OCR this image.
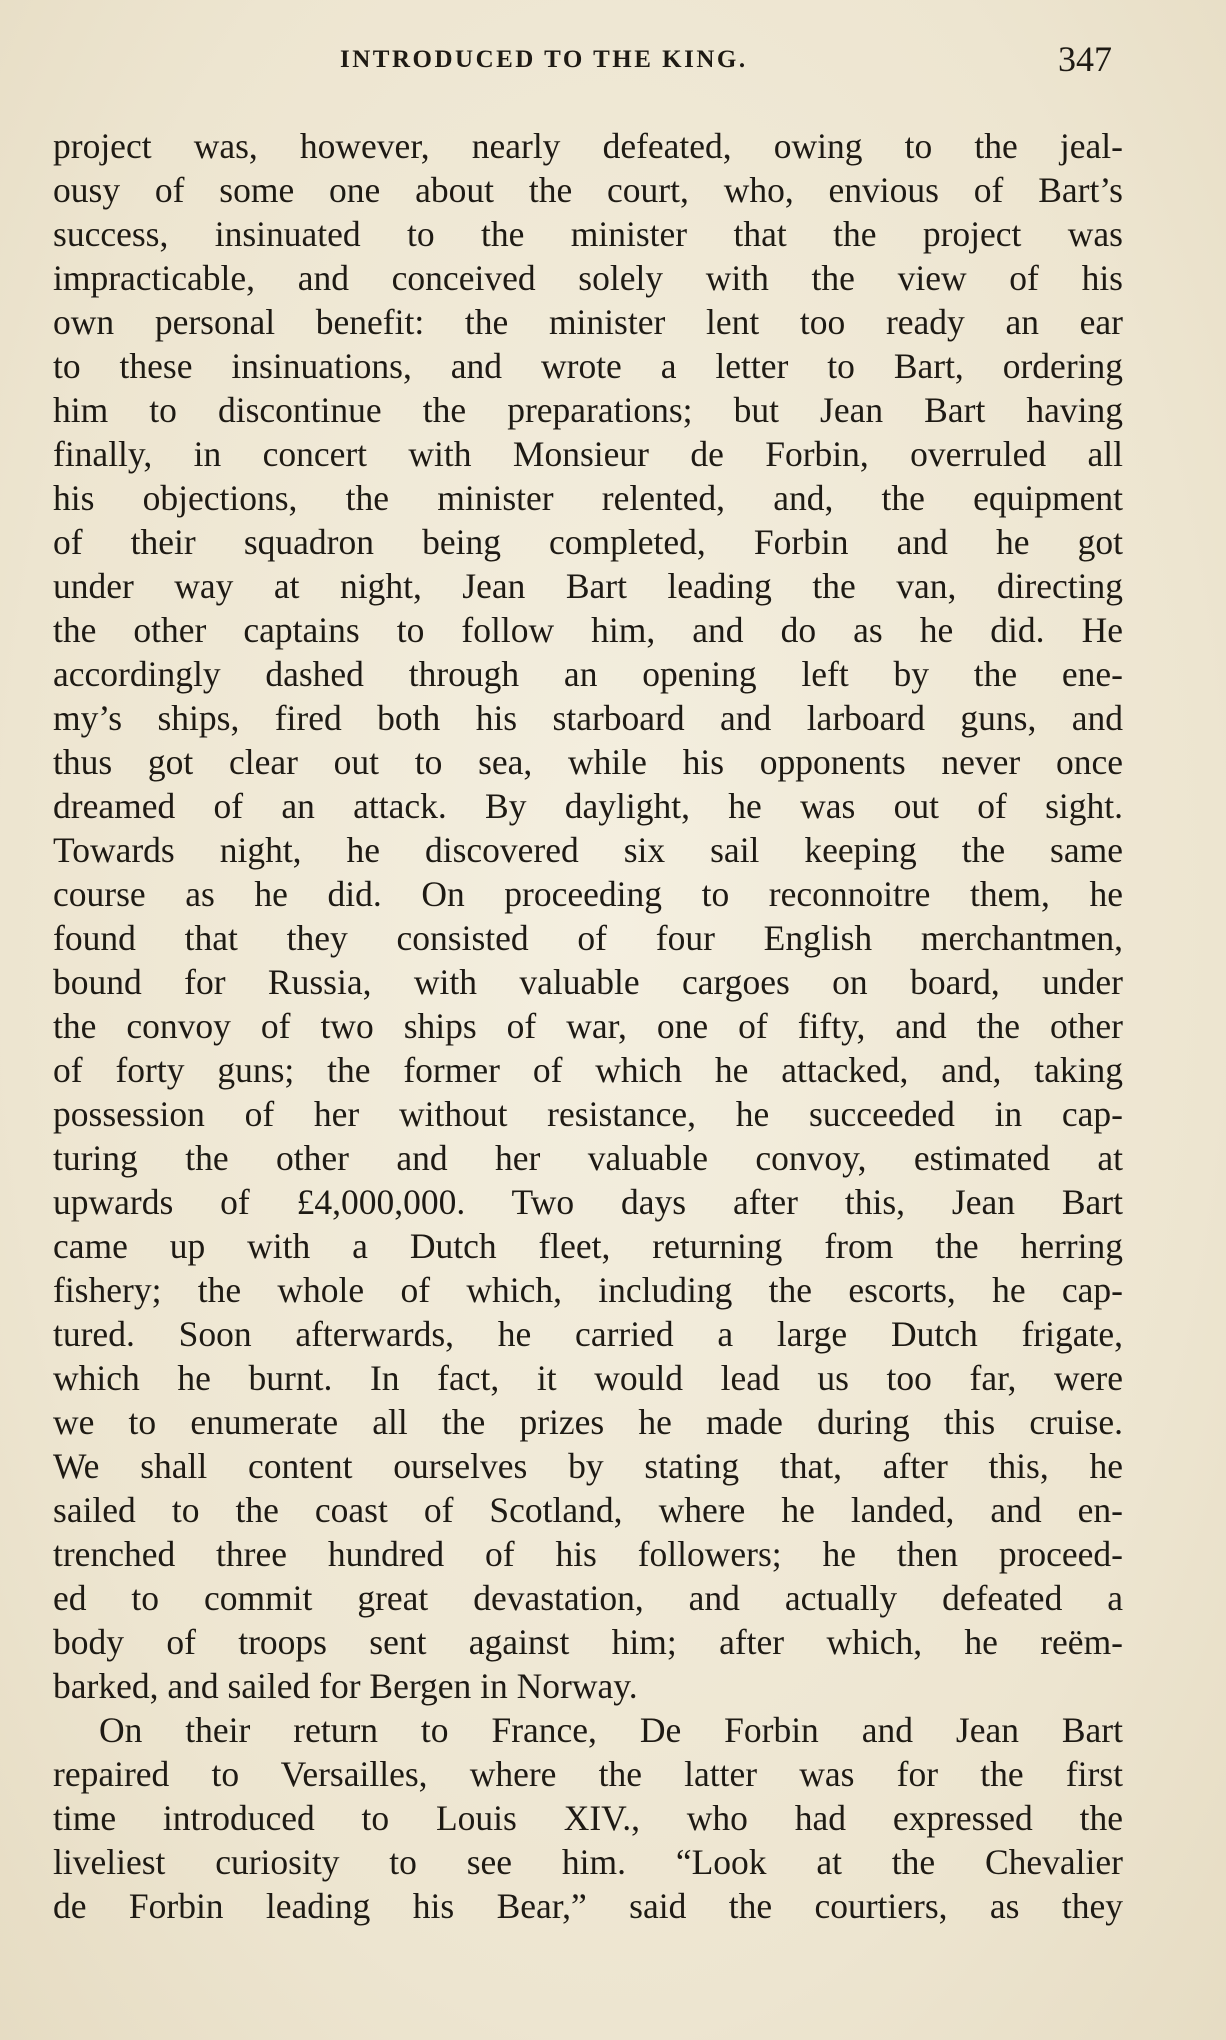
INTRODUCED TO THE KING.	347
project was, however, nearly defeated, owing to the jeal-
ousy of some one about the court, who, envious of Bart’s
success, insinuated to the minister that the project was
impracticable, and conceived solely with the view of his
own personal benefit: the minister lent too ready an ear
to these insinuations, and wrote a letter to Bart, ordering
him to discontinue the preparations; but Jean Bart having
finally, in concert with Monsieur de Forbin, overruled all
his objections, the minister relented, and, the equipment
of their squadron being completed, Forbin and he got
under way at night, Jean Bart leading the van, directing
the other captains to follow him, and do as he did. He
accordingly dashed through an opening left by the ene-
my’s ships, fired both his starboard and larboard guns, and
thus got clear out to sea, while his opponents never once
dreamed of an attack. By daylight, he was out of sight.
Towards night, he discovered six sail keeping the same
course as he did. On proceeding to reconnoitre them, he
found that they consisted of four English merchantmen,
bound for Russia, with valuable cargoes on board, under
the convoy of two ships of war, one of fifty, and the other
of forty guns; the former of which he attacked, and, taking
possession of her without resistance, he succeeded in cap-
turing the other and her valuable convoy, estimated at
upwards of £4,000,000. Two days after this, Jean Bart
came up with a Dutch fleet, returning from the herring
fishery; the whole of which, including the escorts, he cap-
tured. Soon afterwards, he carried a large Dutch frigate,
which he burnt. In fact, it would lead us too far, were
we to enumerate all the prizes he made during this cruise.
We shall content ourselves by stating that, after this, he
sailed to the coast of Scotland, where he landed, and en-
trenched three hundred of his followers; he then proceed-
ed to commit great devastation, and actually defeated a
body of troops sent against him; after which, he reëm-
barked, and sailed for Bergen in Norway.
On their return to France, De Forbin and Jean Bart
repaired to Versailles, where the latter was for the first
time introduced to Louis XIV., who had expressed the
liveliest curiosity to see him. “Look at the Chevalier
de Forbin leading his Bear,” said the courtiers, as they
